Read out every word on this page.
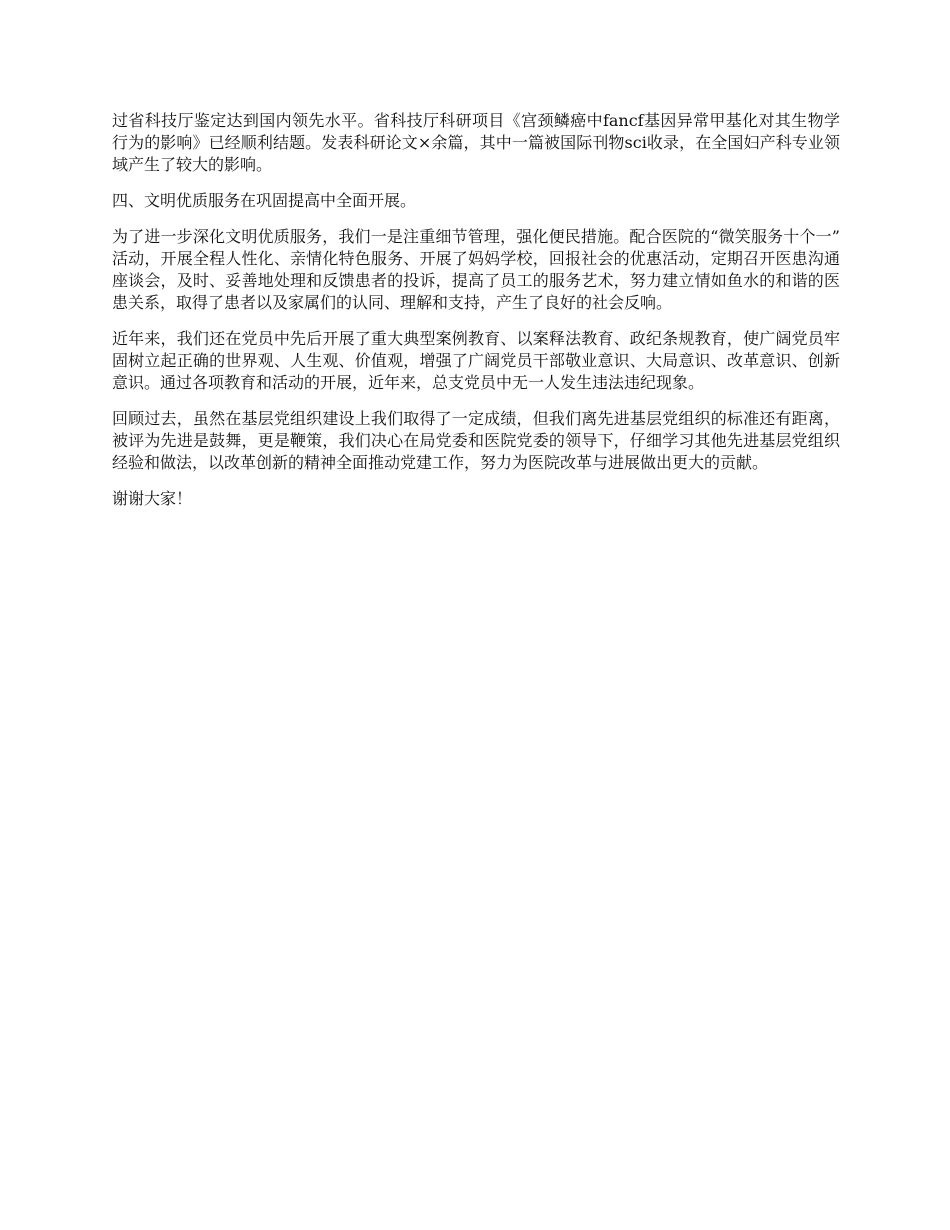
过省科技厅鉴定达到国内领先水平。省科技厅科研项目《宫颈鳞癌中fancf基因异常甲基化对其生物学行为的影响》已经顺利结题。发表科研论文×余篇，其中一篇被国际刊物sci收录，在全国妇产科专业领域产生了较大的影响。

四、文明优质服务在巩固提高中全面开展。

为了进一步深化文明优质服务，我们一是注重细节管理，强化便民措施。配合医院的“微笑服务十个一”活动，开展全程人性化、亲情化特色服务、开展了妈妈学校，回报社会的优惠活动，定期召开医患沟通座谈会，及时、妥善地处理和反馈患者的投诉，提高了员工的服务艺术，努力建立情如鱼水的和谐的医患关系，取得了患者以及家属们的认同、理解和支持，产生了良好的社会反响。

近年来，我们还在党员中先后开展了重大典型案例教育、以案释法教育、政纪条规教育，使广阔党员牢固树立起正确的世界观、人生观、价值观，增强了广阔党员干部敬业意识、大局意识、改革意识、创新意识。通过各项教育和活动的开展，近年来，总支党员中无一人发生违法违纪现象。

回顾过去，虽然在基层党组织建设上我们取得了一定成绩，但我们离先进基层党组织的标准还有距离，被评为先进是鼓舞，更是鞭策，我们决心在局党委和医院党委的领导下，仔细学习其他先进基层党组织经验和做法，以改革创新的精神全面推动党建工作，努力为医院改革与进展做出更大的贡献。

谢谢大家！
